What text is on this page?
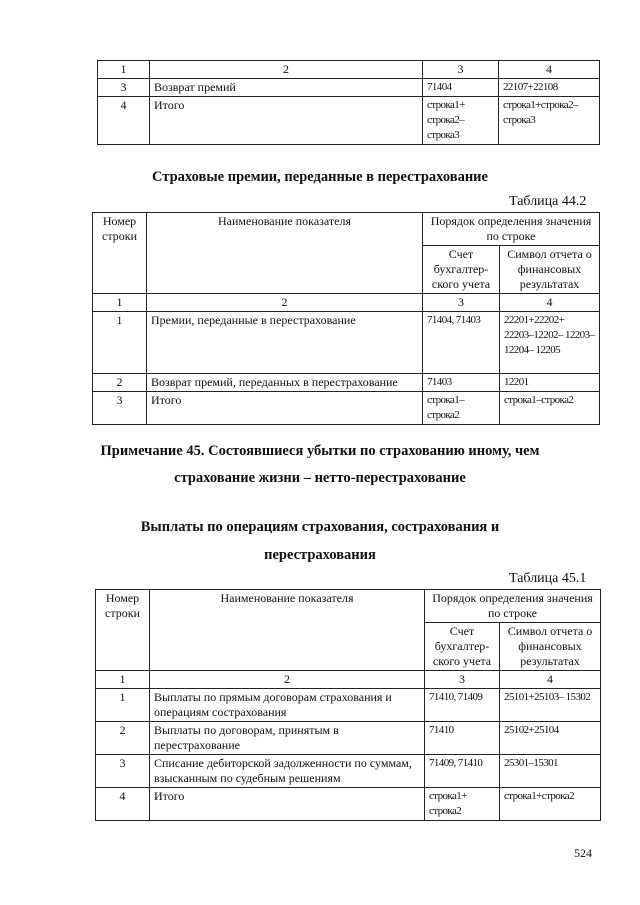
1	2	3	4
3	Возврат премий	71404	22107+22108
4	Итого	строка1+ строка2– строка3	строка1+строка2– строка3
Страховые премии, переданные в перестрахование
Таблица 44.2
Номер строки	Наименование показателя	Порядок определения значения по строке	
		Счет бухгалтер- ского учета	Символ отчета о финансовых результатах
1	2	3	4
1	Премии, переданные в перестрахование	71404, 71403	22201+22202+ 22203–12202– 12203–12204– 12205
2	Возврат премий, переданных в перестрахование	71403	12201
3	Итого	строка1– строка2	строка1–строка2
Примечание 45. Состоявшиеся убытки по страхованию иному, чем
страхование жизни – нетто-перестрахование
Выплаты по операциям страхования, сострахования и
перестрахования
Таблица 45.1
Номер строки	Наименование показателя	Порядок определения значения по строке	
		Счет бухгалтер- ского учета	Символ отчета о финансовых результатах
1	2	3	4
1	Выплаты по прямым договорам страхования и операциям сострахования	71410, 71409	25101+25103– 15302
2	Выплаты по договорам, принятым в перестрахование	71410	25102+25104
3	Списание дебиторской задолженности по суммам, взысканным по судебным решениям	71409, 71410	25301–15301
4	Итого	строка1+ строка2	строка1+строка2
524
